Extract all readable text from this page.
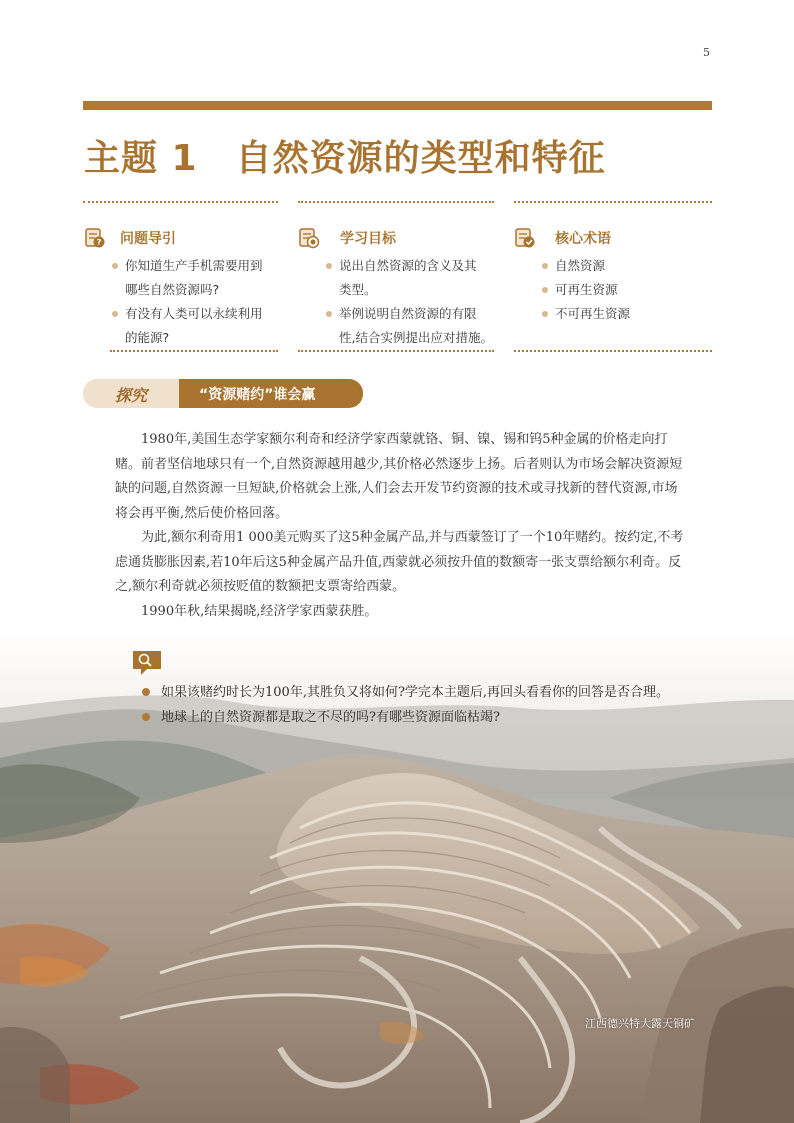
5
主题 1 自然资源的类型和特征
? 问题导引
你知道生产手机需要用到
哪些自然资源吗?
有没有人类可以永续利用
的能源?
学习目标
说出自然资源的含义及其
类型。
举例说明自然资源的有限
性,结合实例提出应对措施。
核心术语
自然资源
可再生资源
不可再生资源
探究	“资源赌约”谁会赢

1980年,美国生态学家额尔利奇和经济学家西蒙就铬、铜、镍、锡和钨5种金属的价格走向打赌。前者坚信地球只有一个,自然资源越用越少,其价格必然逐步上扬。后者则认为市场会解决资源短缺的问题,自然资源一旦短缺,价格就会上涨,人们会去开发节约资源的技术或寻找新的替代资源,市场将会再平衡,然后使价格回落。

为此,额尔利奇用1 000美元购买了这5种金属产品,并与西蒙签订了一个10年赌约。按约定,不考虑通货膨胀因素,若10年后这5种金属产品升值,西蒙就必须按升值的数额寄一张支票给额尔利奇。反之,额尔利奇就必须按贬值的数额把支票寄给西蒙。

1990年秋,结果揭晓,经济学家西蒙获胜。

如果该赌约时长为100年,其胜负又将如何?学完本主题后,再回头看看你的回答是否合理。
地球上的自然资源都是取之不尽的吗?有哪些资源面临枯竭?
江西德兴特大露天铜矿
